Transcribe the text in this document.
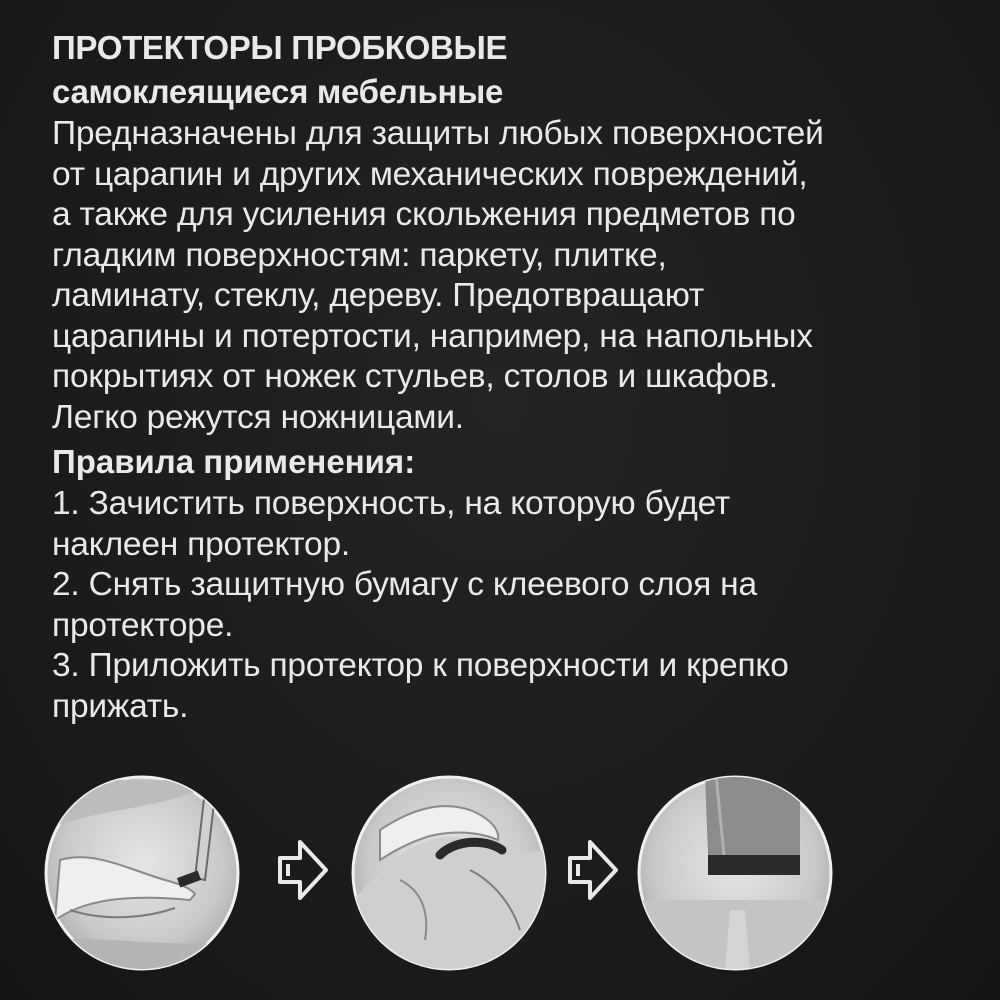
ПРОТЕКТОРЫ ПРОБКОВЫЕ
самоклеящиеся мебельные
Предназначены для защиты любых поверхностей
от царапин и других механических повреждений,
а также для усиления скольжения предметов по
гладким поверхностям: паркету, плитке,
ламинату, стеклу, дереву. Предотвращают
царапины и потертости, например, на напольных
покрытиях от ножек стульев, столов и шкафов.
Легко режутся ножницами.
Правила применения:
1. Зачистить поверхность, на которую будет
наклеен протектор.
2. Снять защитную бумагу с клеевого слоя на
протекторе.
3. Приложить протектор к поверхности и крепко
прижать.
